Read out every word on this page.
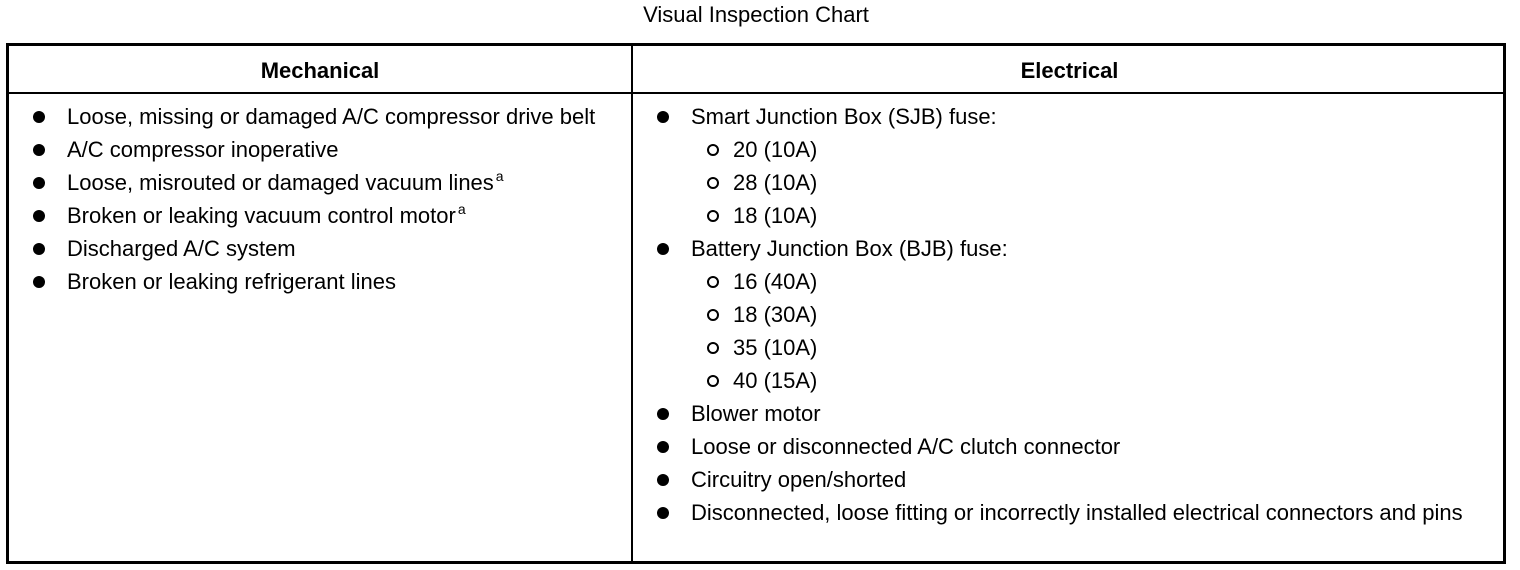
Visual Inspection Chart
Mechanical	Electrical
Loose, missing or damaged A/C compressor drive belt
A/C compressor inoperative
Loose, misrouted or damaged vacuum lines $^a$
Broken or leaking vacuum control motor $^a$
Discharged A/C system
Broken or leaking refrigerant lines
Smart Junction Box (SJB) fuse:
20 (10A)
28 (10A)
18 (10A)
Battery Junction Box (BJB) fuse:
16 (40A)
18 (30A)
35 (10A)
40 (15A)
Blower motor
Loose or disconnected A/C clutch connector
Circuitry open/shorted
Disconnected, loose fitting or incorrectly installed electrical connectors and pins
